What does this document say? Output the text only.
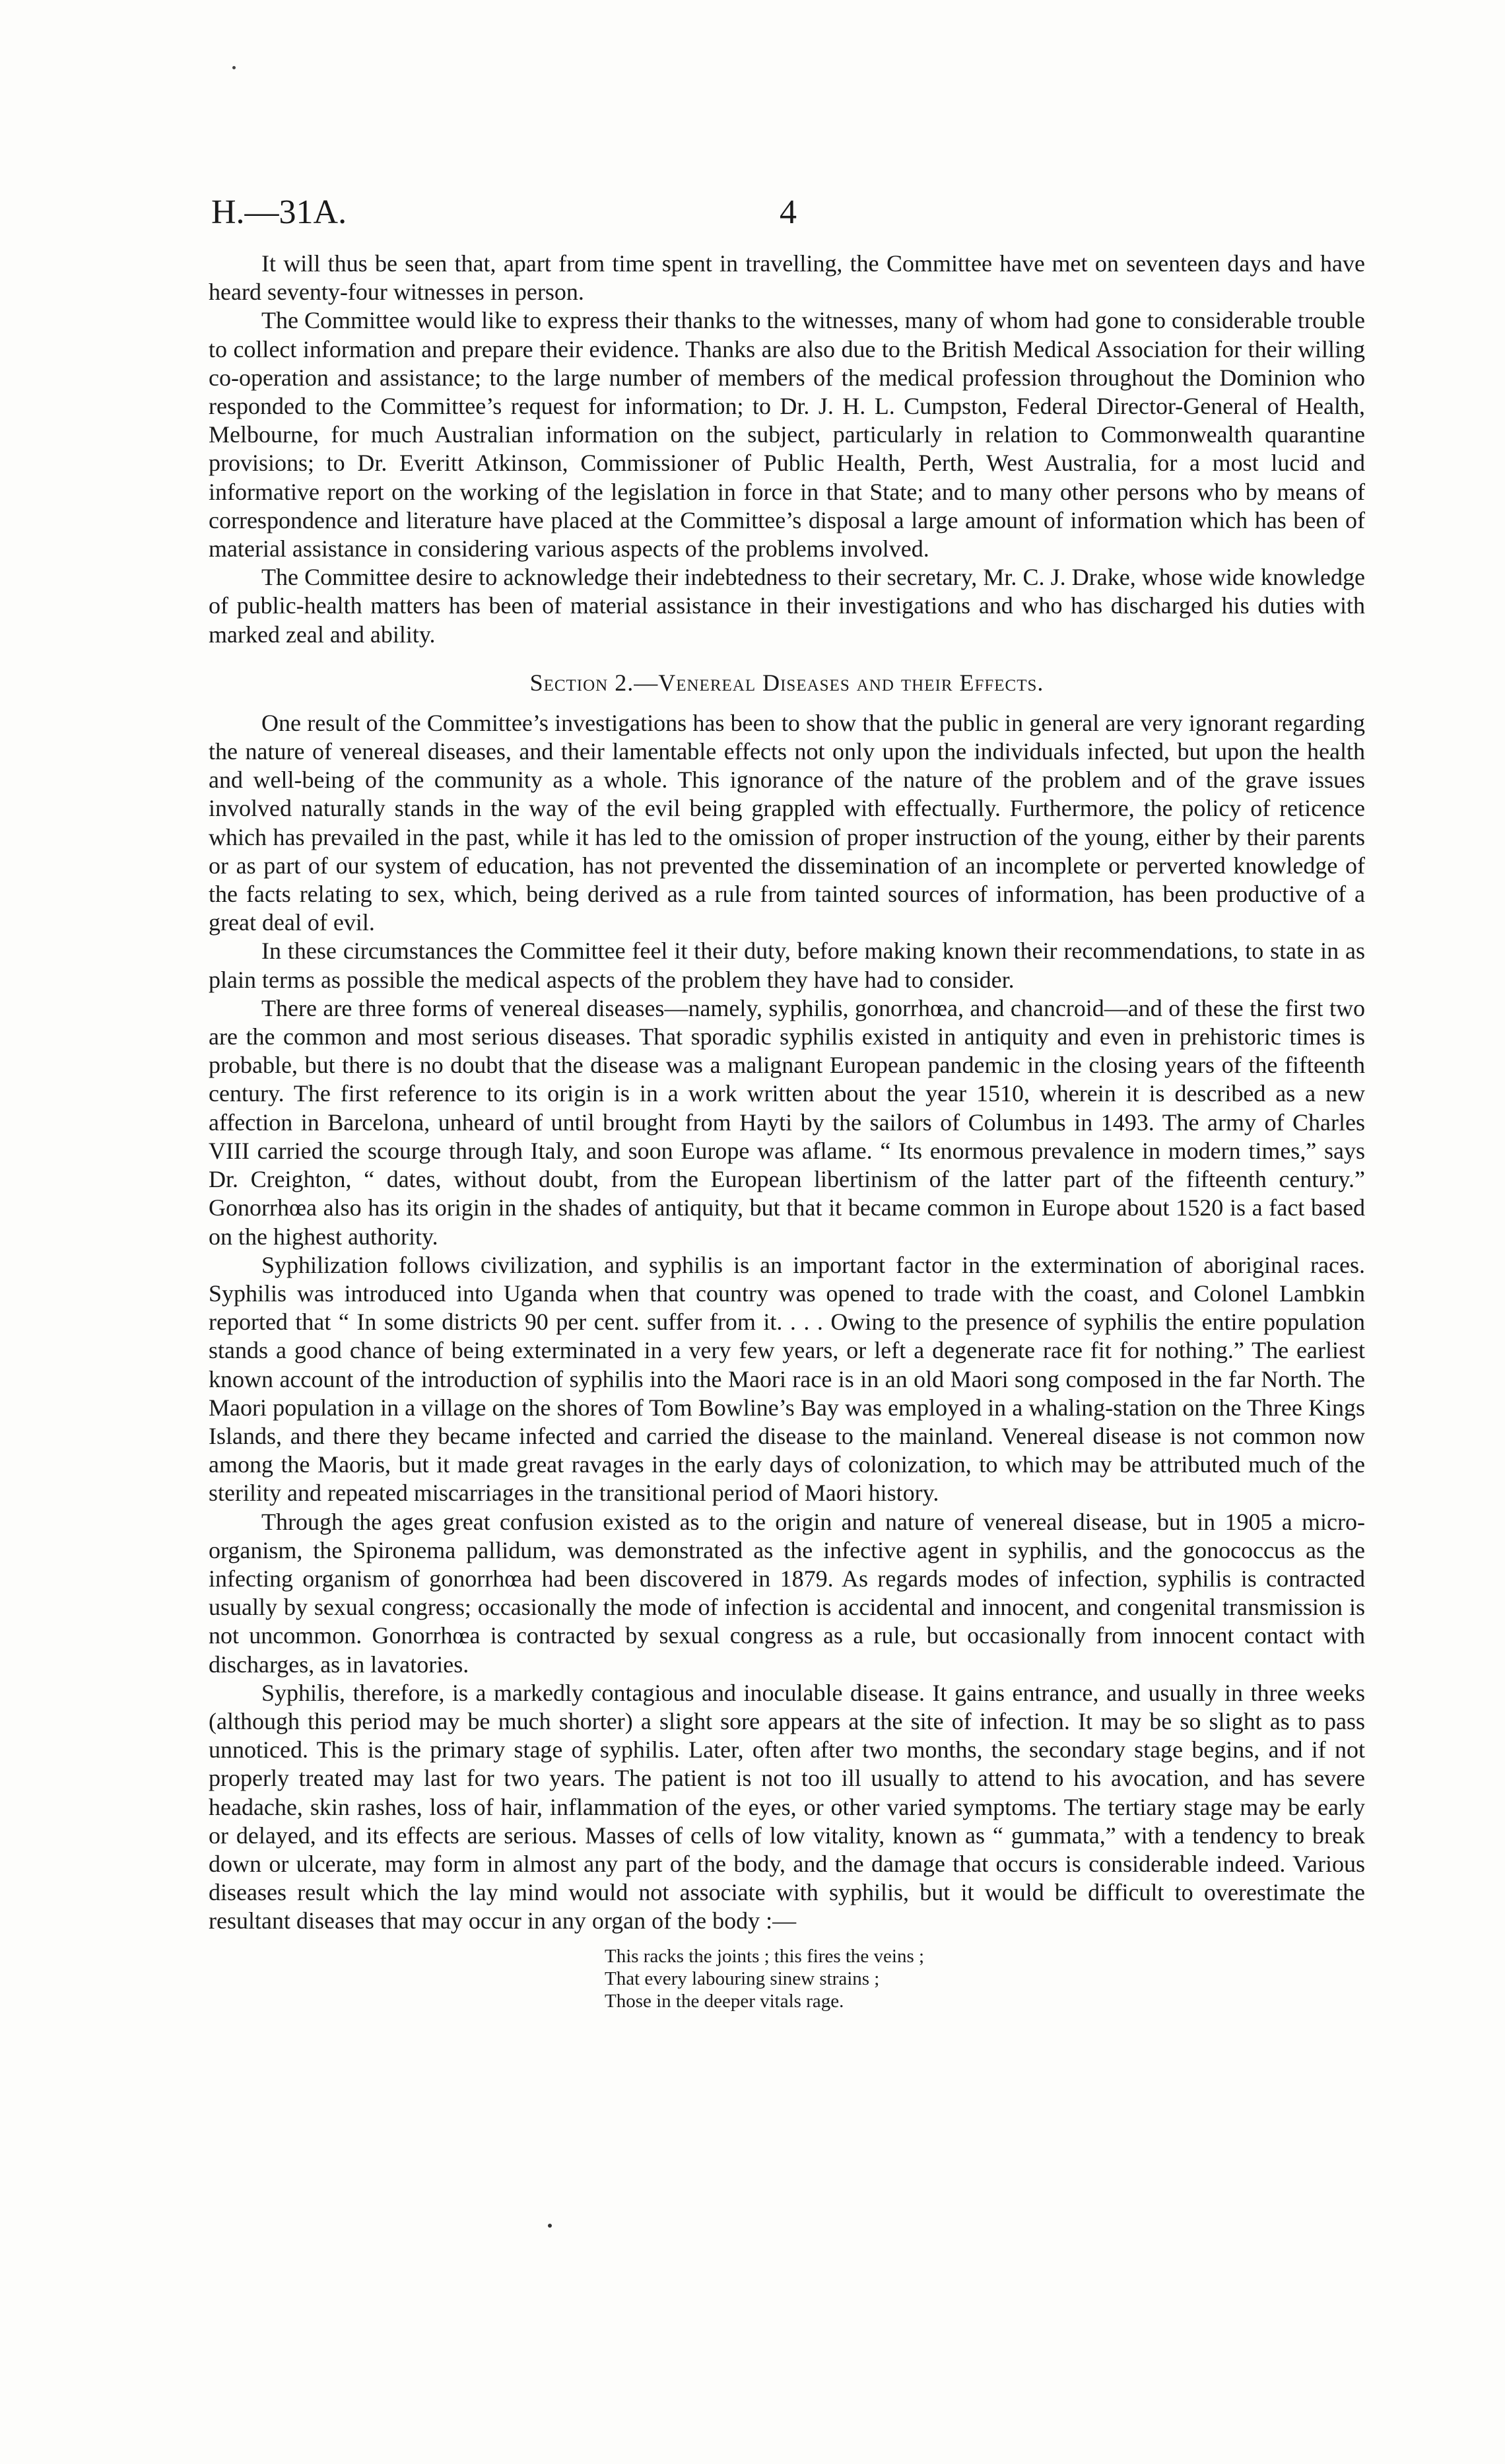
H.—31A.	4

It will thus be seen that, apart from time spent in travelling, the Committee have met on seventeen days and have heard seventy-four witnesses in person.

The Committee would like to express their thanks to the witnesses, many of whom had gone to considerable trouble to collect information and prepare their evidence. Thanks are also due to the British Medical Association for their willing co-operation and assistance; to the large number of members of the medical profession throughout the Dominion who responded to the Committee’s request for information; to Dr. J. H. L. Cumpston, Federal Director-General of Health, Melbourne, for much Australian information on the subject, particularly in relation to Commonwealth quarantine provisions; to Dr. Everitt Atkinson, Commissioner of Public Health, Perth, West Australia, for a most lucid and informative report on the working of the legislation in force in that State; and to many other persons who by means of correspondence and literature have placed at the Committee’s disposal a large amount of information which has been of material assistance in considering various aspects of the problems involved.

The Committee desire to acknowledge their indebtedness to their secretary, Mr. C. J. Drake, whose wide knowledge of public-health matters has been of material assistance in their investigations and who has discharged his duties with marked zeal and ability.

Section 2.—Venereal Diseases and their Effects.

One result of the Committee’s investigations has been to show that the public in general are very ignorant regarding the nature of venereal diseases, and their lamentable effects not only upon the individuals infected, but upon the health and well-being of the community as a whole. This ignorance of the nature of the problem and of the grave issues involved naturally stands in the way of the evil being grappled with effectually. Furthermore, the policy of reticence which has prevailed in the past, while it has led to the omission of proper instruction of the young, either by their parents or as part of our system of education, has not prevented the dissemination of an incomplete or perverted knowledge of the facts relating to sex, which, being derived as a rule from tainted sources of information, has been productive of a great deal of evil.

In these circumstances the Committee feel it their duty, before making known their recommendations, to state in as plain terms as possible the medical aspects of the problem they have had to consider.

There are three forms of venereal diseases—namely, syphilis, gonorrhœa, and chancroid—and of these the first two are the common and most serious diseases. That sporadic syphilis existed in antiquity and even in prehistoric times is probable, but there is no doubt that the disease was a malignant European pandemic in the closing years of the fifteenth century. The first reference to its origin is in a work written about the year 1510, wherein it is described as a new affection in Barcelona, unheard of until brought from Hayti by the sailors of Columbus in 1493. The army of Charles VIII carried the scourge through Italy, and soon Europe was aflame. “ Its enormous prevalence in modern times,” says Dr. Creighton, “ dates, without doubt, from the European libertinism of the latter part of the fifteenth century.” Gonorrhœa also has its origin in the shades of antiquity, but that it became common in Europe about 1520 is a fact based on the highest authority.

Syphilization follows civilization, and syphilis is an important factor in the extermination of aboriginal races. Syphilis was introduced into Uganda when that country was opened to trade with the coast, and Colonel Lambkin reported that “ In some districts 90 per cent. suffer from it. . . . Owing to the presence of syphilis the entire population stands a good chance of being exterminated in a very few years, or left a degenerate race fit for nothing.” The earliest known account of the introduction of syphilis into the Maori race is in an old Maori song composed in the far North. The Maori population in a village on the shores of Tom Bowline’s Bay was employed in a whaling-station on the Three Kings Islands, and there they became infected and carried the disease to the mainland. Venereal disease is not common now among the Maoris, but it made great ravages in the early days of colonization, to which may be attributed much of the sterility and repeated miscarriages in the transitional period of Maori history.

Through the ages great confusion existed as to the origin and nature of venereal disease, but in 1905 a micro-organism, the Spironema pallidum, was demonstrated as the infective agent in syphilis, and the gonococcus as the infecting organism of gonorrhœa had been discovered in 1879. As regards modes of infection, syphilis is contracted usually by sexual congress; occasionally the mode of infection is accidental and innocent, and congenital transmission is not uncommon. Gonorrhœa is contracted by sexual congress as a rule, but occasionally from innocent contact with discharges, as in lavatories.

Syphilis, therefore, is a markedly contagious and inoculable disease. It gains entrance, and usually in three weeks (although this period may be much shorter) a slight sore appears at the site of infection. It may be so slight as to pass unnoticed. This is the primary stage of syphilis. Later, often after two months, the secondary stage begins, and if not properly treated may last for two years. The patient is not too ill usually to attend to his avocation, and has severe headache, skin rashes, loss of hair, inflammation of the eyes, or other varied symptoms. The tertiary stage may be early or delayed, and its effects are serious. Masses of cells of low vitality, known as “ gummata,” with a tendency to break down or ulcerate, may form in almost any part of the body, and the damage that occurs is considerable indeed. Various diseases result which the lay mind would not associate with syphilis, but it would be difficult to overestimate the resultant diseases that may occur in any organ of the body :—

This racks the joints ; this fires the veins ;
That every labouring sinew strains ;
Those in the deeper vitals rage.
